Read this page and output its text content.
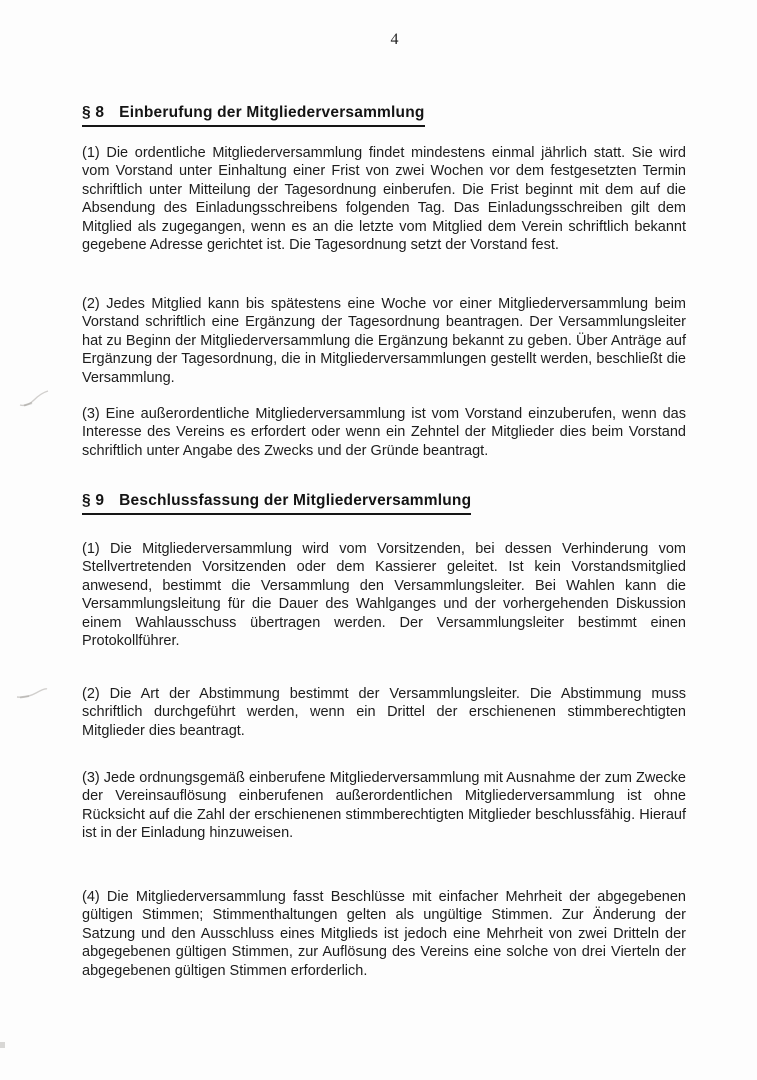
4
§ 8 Einberufung der Mitgliederversammlung

(1) Die ordentliche Mitgliederversammlung findet mindestens einmal jährlich statt. Sie wird vom Vorstand unter Einhaltung einer Frist von zwei Wochen vor dem festgesetzten Termin schriftlich unter Mitteilung der Tagesordnung einberufen. Die Frist beginnt mit dem auf die Absendung des Einladungsschreibens folgenden Tag. Das Einladungsschreiben gilt dem Mitglied als zugegangen, wenn es an die letzte vom Mitglied dem Verein schriftlich bekannt gegebene Adresse gerichtet ist. Die Tagesordnung setzt der Vorstand fest.

(2) Jedes Mitglied kann bis spätestens eine Woche vor einer Mitgliederversammlung beim Vorstand schriftlich eine Ergänzung der Tagesordnung beantragen. Der Versammlungsleiter hat zu Beginn der Mitgliederversammlung die Ergänzung bekannt zu geben. Über Anträge auf Ergänzung der Tagesordnung, die in Mitgliederversammlungen gestellt werden, beschließt die Versammlung.

(3) Eine außerordentliche Mitgliederversammlung ist vom Vorstand einzuberufen, wenn das Interesse des Vereins es erfordert oder wenn ein Zehntel der Mitglieder dies beim Vorstand schriftlich unter Angabe des Zwecks und der Gründe beantragt.

§ 9 Beschlussfassung der Mitgliederversammlung

(1) Die Mitgliederversammlung wird vom Vorsitzenden, bei dessen Verhinderung vom Stellvertretenden Vorsitzenden oder dem Kassierer geleitet. Ist kein Vorstandsmitglied anwesend, bestimmt die Versammlung den Versammlungsleiter. Bei Wahlen kann die Versammlungsleitung für die Dauer des Wahlganges und der vorhergehenden Diskussion einem Wahlausschuss übertragen werden. Der Versammlungsleiter bestimmt einen Protokollführer.

(2) Die Art der Abstimmung bestimmt der Versammlungsleiter. Die Abstimmung muss schriftlich durchgeführt werden, wenn ein Drittel der erschienenen stimmberechtigten Mitglieder dies beantragt.

(3) Jede ordnungsgemäß einberufene Mitgliederversammlung mit Ausnahme der zum Zwecke der Vereinsauflösung einberufenen außerordentlichen Mitgliederversammlung ist ohne Rücksicht auf die Zahl der erschienenen stimmberechtigten Mitglieder beschlussfähig. Hierauf ist in der Einladung hinzuweisen.

(4) Die Mitgliederversammlung fasst Beschlüsse mit einfacher Mehrheit der abgegebenen gültigen Stimmen; Stimmenthaltungen gelten als ungültige Stimmen. Zur Änderung der Satzung und den Ausschluss eines Mitglieds ist jedoch eine Mehrheit von zwei Dritteln der abgegebenen gültigen Stimmen, zur Auflösung des Vereins eine solche von drei Vierteln der abgegebenen gültigen Stimmen erforderlich.
